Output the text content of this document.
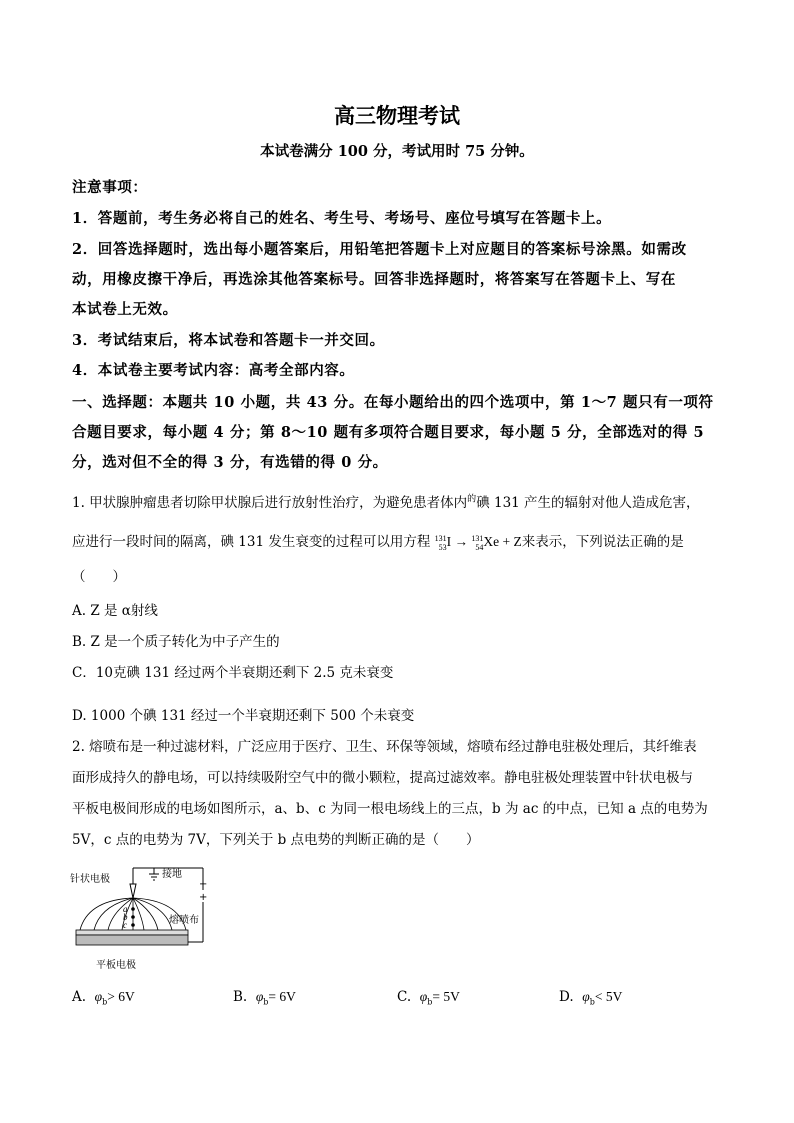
高三物理考试
本试卷满分 100 分，考试用时 75 分钟。
注意事项：
1．答题前，考生务必将自己的姓名、考生号、考场号、座位号填写在答题卡上。
2．回答选择题时，选出每小题答案后，用铅笔把答题卡上对应题目的答案标号涂黑。如需改
动，用橡皮擦干净后，再选涂其他答案标号。回答非选择题时，将答案写在答题卡上、写在
本试卷上无效。
3．考试结束后，将本试卷和答题卡一并交回。
4．本试卷主要考试内容：高考全部内容。
一、选择题：本题共 10 小题，共 43 分。在每小题给出的四个选项中，第 1～7 题只有一项符
合题目要求，每小题 4 分；第 8～10 题有多项符合题目要求，每小题 5 分，全部选对的得 5
分，选对但不全的得 3 分，有选错的得 0 分。
1. 甲状腺肿瘤患者切除甲状腺后进行放射性治疗，为避免患者体内$^的$碘 131 产生的辐射对他人造成危害，
应进行一段时间的隔离，碘 131 发生衰变的过程可以用方程 131
53 I → 131
54 Xe + Z来表示，下列说法正确的是
（　　）
A. Z 是 α射线
B. Z 是一个质子转化为中子产生的
C．10克碘 131 经过两个半衰期还剩下 2.5 克未衰变
D. 1000 个碘 131 经过一个半衰期还剩下 500 个未衰变
2. 熔喷布是一种过滤材料，广泛应用于医疗、卫生、环保等领域，熔喷布经过静电驻极处理后，其纤维表
面形成持久的静电场，可以持续吸附空气中的微小颗粒，提高过滤效率。静电驻极处理装置中针状电极与
平板电极间形成的电场如图所示，a、b、c 为同一根电场线上的三点，b 为 ac 的中点，已知 a 点的电势为
5V，c 点的电势为 7V，下列关于 b 点电势的判断正确的是（　　）
a
b
c
针状电极	接地
−
+
熔喷布
平板电极
A. $\varphi_b> 6V$	B. $\varphi_b= 6V$	C. $\varphi_b= 5V$	D. $\varphi_b< 5V$
